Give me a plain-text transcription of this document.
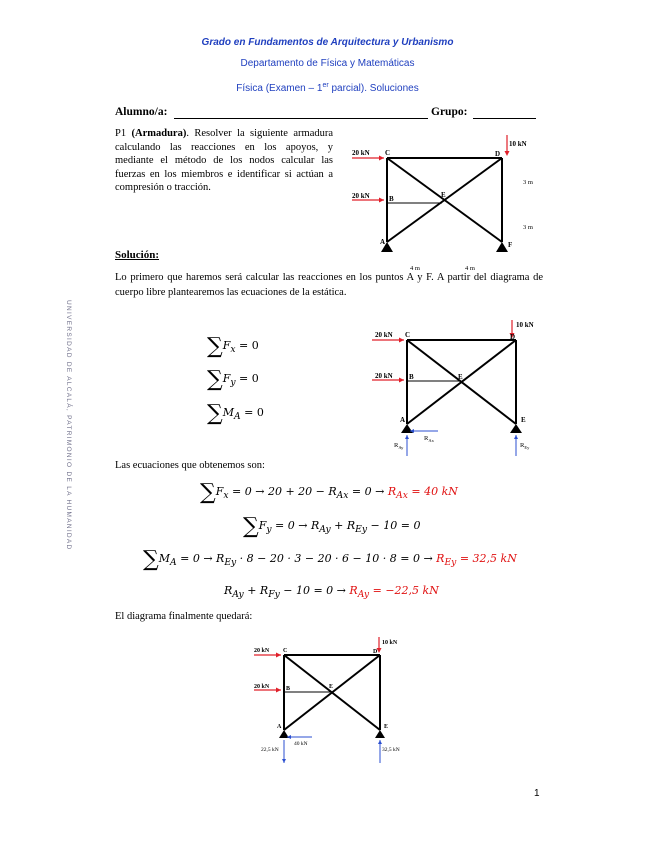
Grado en Fundamentos de Arquitectura y Urbanismo
Departamento de Física y Matemáticas
Física (Examen – 1er parcial). Soluciones
Alumno/a:	Grupo:
P1 (Armadura). Resolver la siguiente armadura calculando las reacciones en los apoyos, y mediante el método de los nodos calcular las fuerzas en los miembros e identificar si actúan a compresión o tracción.
UNIVERSIDAD DE ALCALÁ, PATRIMONIO DE LA HUMANIDAD
20 kN
20 kN
10 kN
C	D
B	E
A	F
3 m
3 m
4 m	4 m
Solución:
Lo primero que haremos será calcular las reacciones en los puntos A y F. A partir del diagrama de cuerpo libre plantearemos las ecuaciones de la estática.
$\sum F_x = 0$
$\sum F_y = 0$
$\sum M_A = 0$
20 kN
20 kN
10 kN
C	D
B	E
A	E
$R_{Ay}$
$R_{Ax}$
$R_{Ey}$
Las ecuaciones que obtenemos son:
$\sum F_x = 0 \to 20 + 20 - R_{Ax} = 0 \to R_{Ax} = 40$ kN
$\sum F_y = 0 \to R_{Ay} + R_{Ey} - 10 = 0$
$\sum M_A = 0 \to R_{Ey} \cdot 8 - 20 \cdot 3 - 20 \cdot 6 - 10 \cdot 8 = 0 \to R_{Ey} = 32,5$ kN
$R_{Ay} + R_{Fy} - 10 = 0 \to R_{Ay} = -22,5$ kN
El diagrama finalmente quedará:
20 kN
20 kN
10 kN
C	D
B	E
A	E
22,5 kN
40 kN
32,5 kN
1
